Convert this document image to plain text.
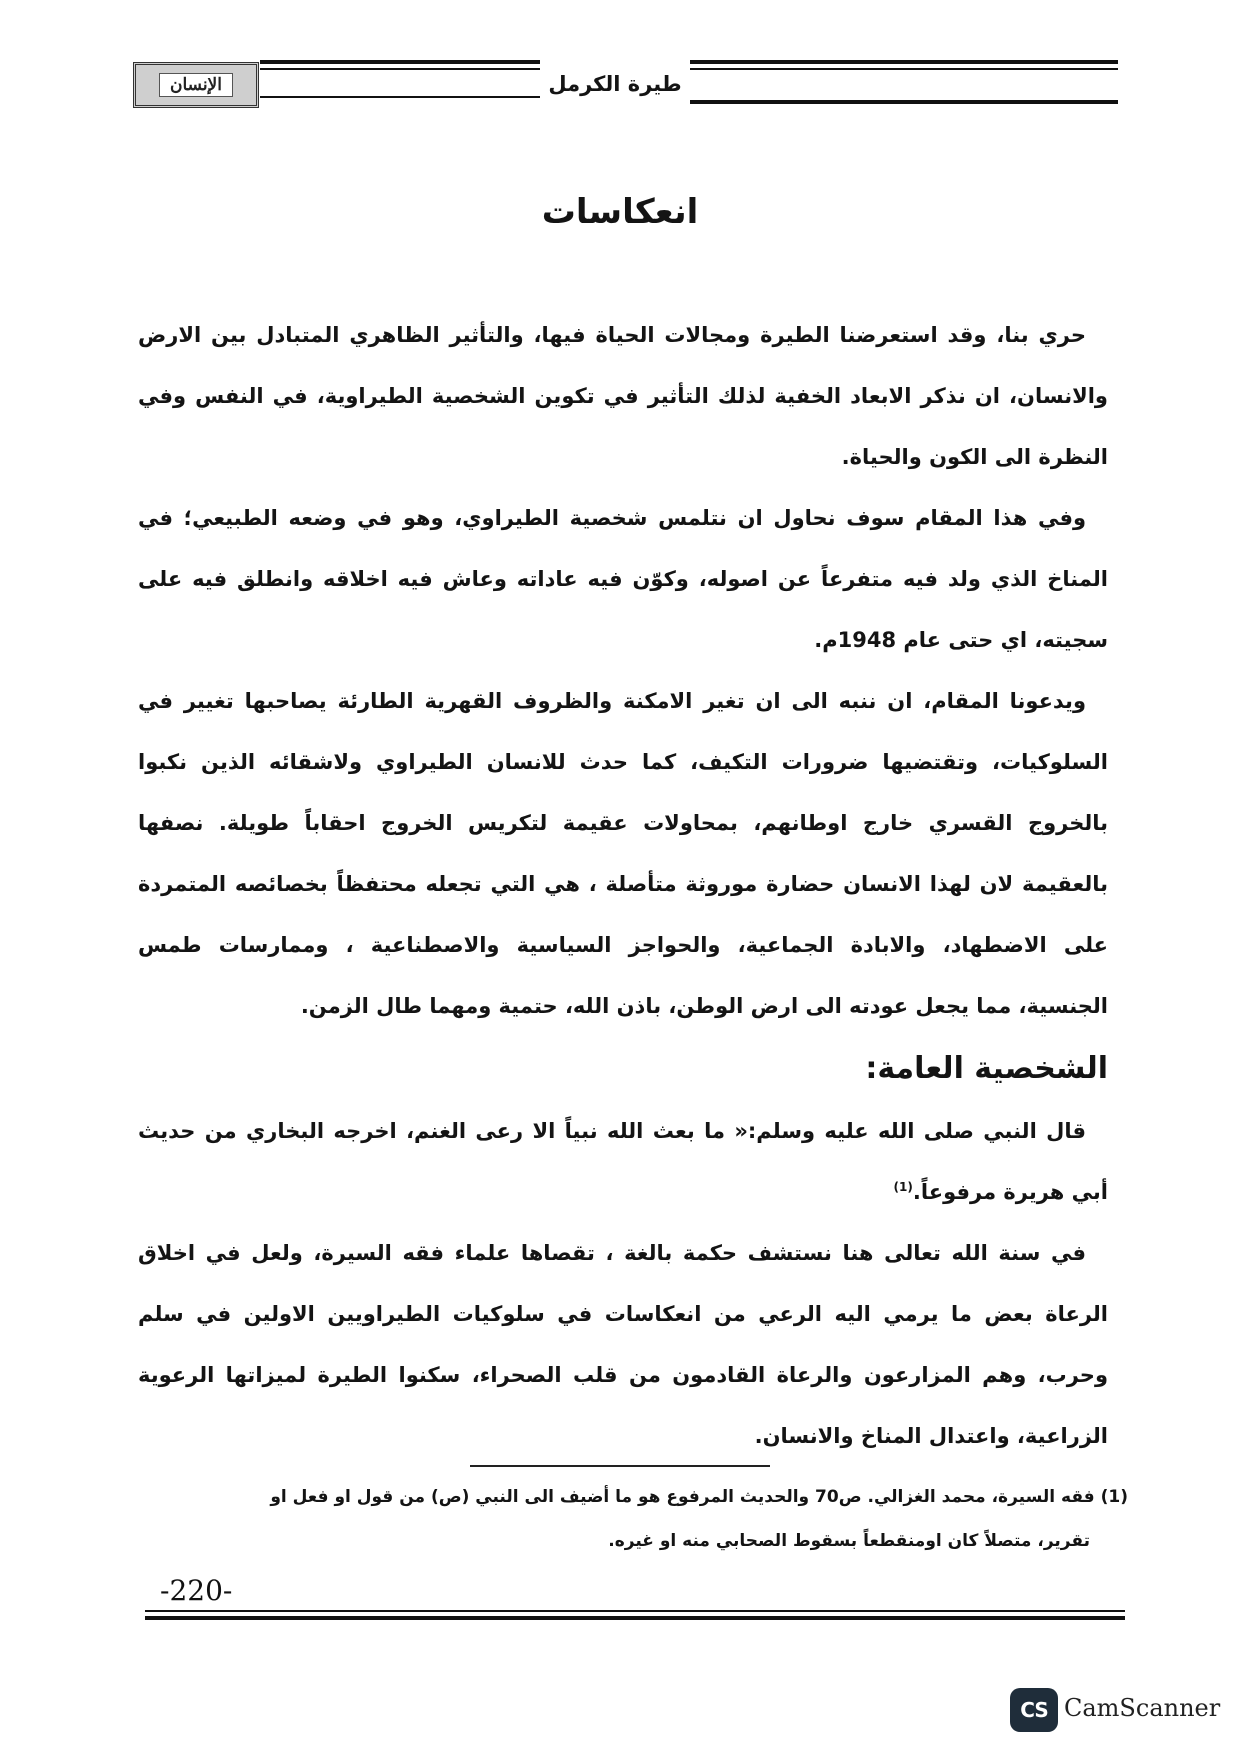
الإنسان	طيرة الكرمل
انعكاسات

حري بنا، وقد استعرضنا الطيرة ومجالات الحياة فيها، والتأثير الظاهري المتبادل بين الارض والانسان، ان نذكر الابعاد الخفية لذلك التأثير في تكوين الشخصية الطيراوية، في النفس وفي النظرة الى الكون والحياة.

وفي هذا المقام سوف نحاول ان نتلمس شخصية الطيراوي، وهو في وضعه الطبيعي؛ في المناخ الذي ولد فيه متفرعاً عن اصوله، وكوّن فيه عاداته وعاش فيه اخلاقه وانطلق فيه على سجيته، اي حتى عام 1948م.

ويدعونا المقام، ان ننبه الى ان تغير الامكنة والظروف القهرية الطارئة يصاحبها تغيير في السلوكيات، وتقتضيها ضرورات التكيف، كما حدث للانسان الطيراوي ولاشقائه الذين نكبوا بالخروج القسري خارج اوطانهم، بمحاولات عقيمة لتكريس الخروج احقاباً طويلة. نصفها بالعقيمة لان لهذا الانسان حضارة موروثة متأصلة ، هي التي تجعله محتفظاً بخصائصه المتمردة على الاضطهاد، والابادة الجماعية، والحواجز السياسية والاصطناعية ، وممارسات طمس الجنسية، مما يجعل عودته الى ارض الوطن، باذن الله، حتمية ومهما طال الزمن.

الشخصية العامة:

قال النبي صلى الله عليه وسلم:« ما بعث الله نبياً الا رعى الغنم، اخرجه البخاري من حديث أبي هريرة مرفوعاً.$^{(1)}$

في سنة الله تعالى هنا نستشف حكمة بالغة ، تقصاها علماء فقه السيرة، ولعل في اخلاق الرعاة بعض ما يرمي اليه الرعي من انعكاسات في سلوكيات الطيراويين الاولين في سلم وحرب، وهم المزارعون والرعاة القادمون من قلب الصحراء، سكنوا الطيرة لميزاتها الرعوية الزراعية، واعتدال المناخ والانسان.

(1) فقه السيرة، محمد الغزالي. ص70 والحديث المرفوع هو ما أضيف الى النبي (ص) من قول او فعل او

تقرير، متصلاً كان اومنقطعاً بسقوط الصحابي منه او غيره.

-220-
CS CamScanner
